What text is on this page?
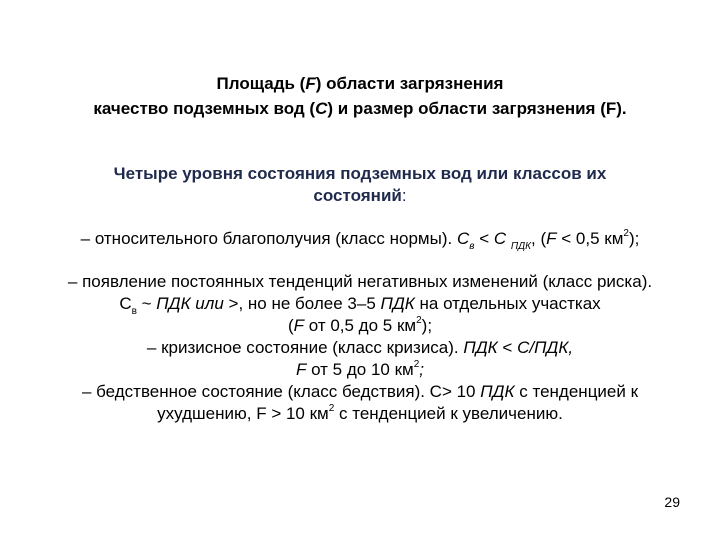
Площадь (F) области загрязнения
качество подземных вод (С) и размер области загрязнения (F).
Четыре уровня состояния подземных вод или классов их
состояний:
– относительного благополучия (класс нормы). $С_в < С$ $_{ПДК}$, (F < 0,5 $км^2$);
– появление постоянных тенденций негативных изменений (класс риска).
$С_в$ ~ ПДК или >, но не более 3–5 ПДК на отдельных участках
(F от 0,5 до 5 $км^2$);
– кризисное состояние (класс кризиса). ПДК < С/ПДК,
F от 5 до 10 $км^2$;
– бедственное состояние (класс бедствия). С> 10 ПДК с тенденцией к
ухудшению, F > 10 $км^2$ с тенденцией к увеличению.
29
